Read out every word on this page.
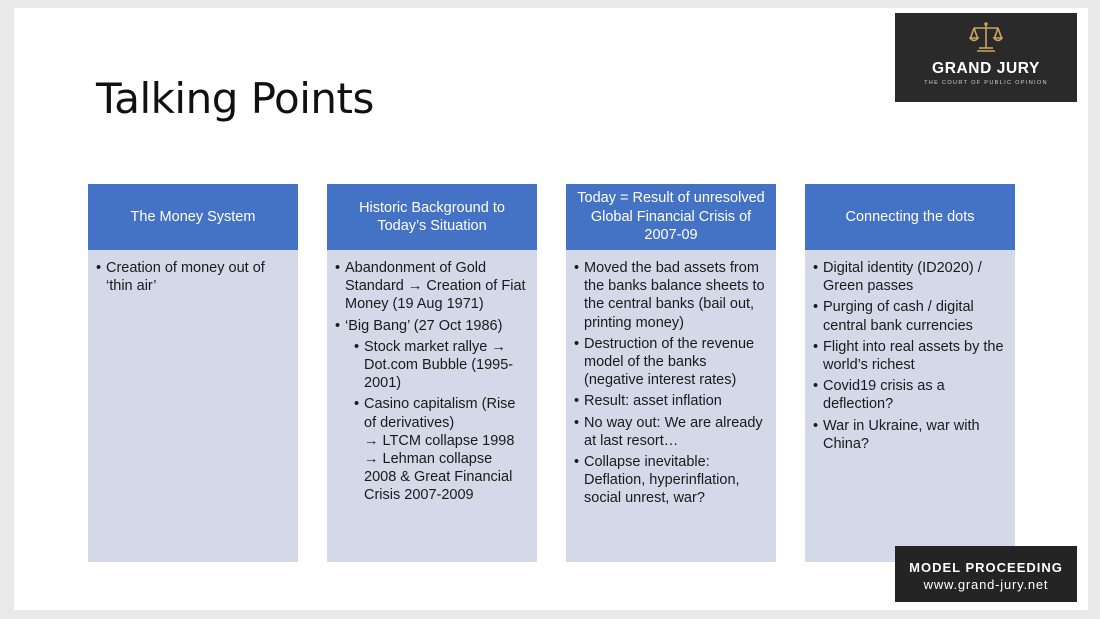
Talking Points
The Money System
• Creation of money out of ‘thin air’
Historic Background to Today’s Situation
• Abandonment of Gold Standard → Creation of Fiat Money (19 Aug 1971)
• ‘Big Bang’ (27 Oct 1986)
• Stock market rallye → Dot.com Bubble (1995-2001)
• Casino capitalism (Rise of derivatives)
→ LTCM collapse 1998
→ Lehman collapse 2008 & Great Financial Crisis 2007-2009
Today = Result of unresolved Global Financial Crisis of 2007-09
• Moved the bad assets from the banks balance sheets to the central banks (bail out, printing money)
• Destruction of the revenue model of the banks (negative interest rates)
• Result: asset inflation
• No way out: We are already at last resort…
• Collapse inevitable: Deflation, hyperinflation, social unrest, war?
Connecting the dots
• Digital identity (ID2020) / Green passes
• Purging of cash / digital central bank currencies
• Flight into real assets by the world’s richest
• Covid19 crisis as a deflection?
• War in Ukraine, war with China?
GRAND JURY
THE COURT OF PUBLIC OPINION
MODEL PROCEEDING
www.grand-jury.net
